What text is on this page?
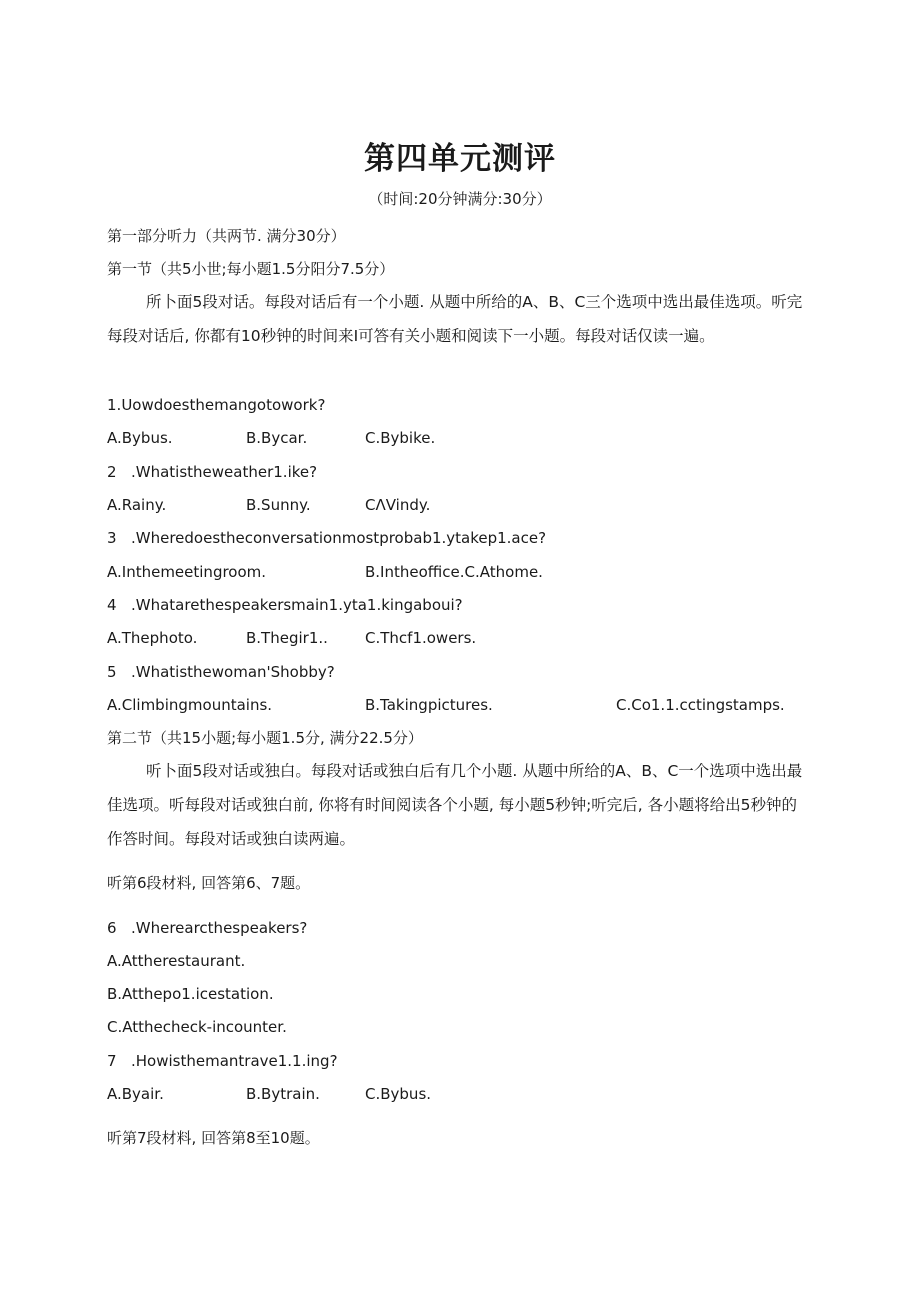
第四单元测评
（时间:20分钟满分:30分）
第一部分听力（共两节. 满分30分）
第一节（共5小世;每小题1.5分阳分7.5分）
所卜面5段对话。每段对话后有一个小题. 从题中所给的A、B、C三个选项中选出最佳选项。听完每段对话后, 你都有10秒钟的时间来Ⅰ可答有关小题和阅读下一小题。每段对话仅读一遍。
1.Uowdoesthemangotowork?
A.Bybus.	B.Bycar.	C.Bybike.
2 .Whatistheweather1.ike?
A.Rainy.	B.Sunny.	CΛVindy.
3 .Wheredoestheconversationmostprobab1.ytakep1.ace?
A.Inthemeetingroom.	B.Intheoffice.C.Athome.
4 .Whatarethespeakersmain1.yta1.kingaboui?
A.Thephoto.	B.Thegir1.. C.Thcf1.owers.
5 .Whatisthewoman'Shobby?
A.Climbingmountains.	B.Takingpictures.	C.Co1.1.cctingstamps.
第二节（共15小题;每小题1.5分, 满分22.5分）
听卜面5段对话或独白。每段对话或独白后有几个小题. 从题中所给的A、B、C一个选项中选出最佳选项。听每段对话或独白前, 你将有时间阅读各个小题, 每小题5秒钟;听完后, 各小题将给出5秒钟的作答时间。每段对话或独白读两遍。
听第6段材料, 回答第6、7题。
6 .Wherearcthespeakers?
A.Attherestaurant.
B.Atthepo1.icestation.
C.Atthecheck-incounter.
7 .Howisthemantrave1.1.ing?
A.Byair.	B.Bytrain.	C.Bybus.
听第7段材料, 回答第8至10题。
